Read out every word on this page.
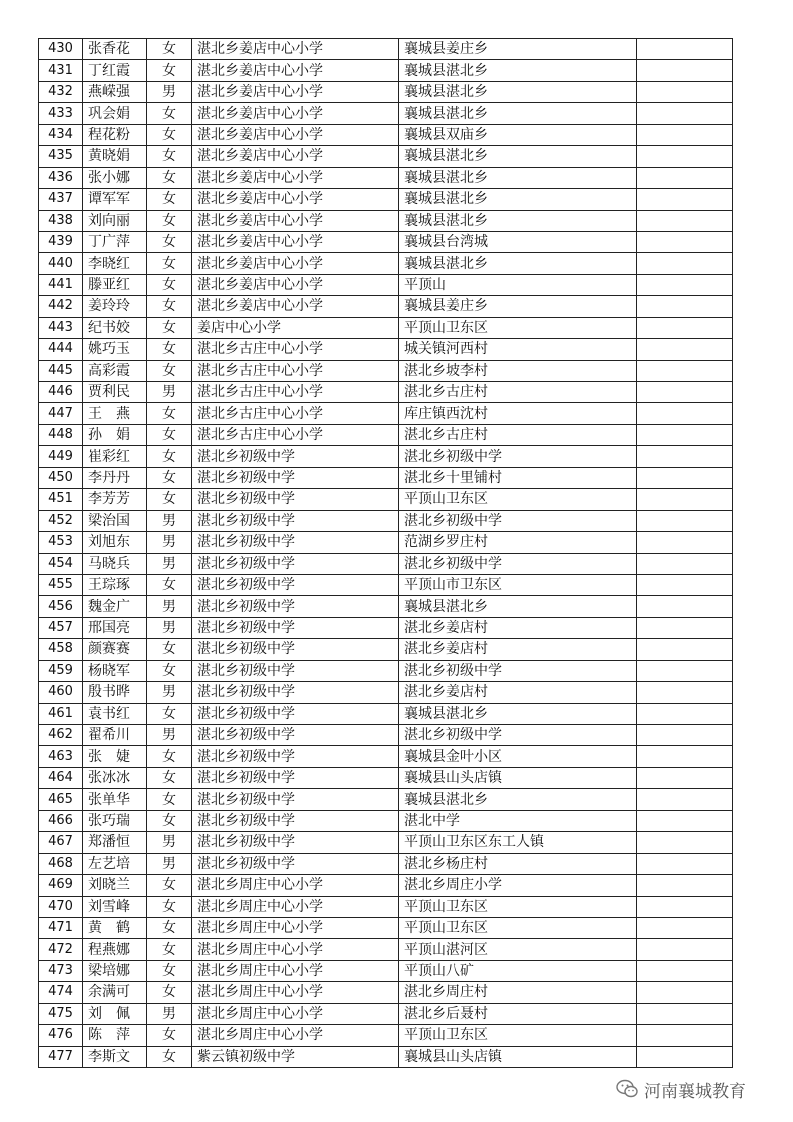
430	张香花	女	湛北乡姜店中心小学	襄城县姜庄乡	
431	丁红霞	女	湛北乡姜店中心小学	襄城县湛北乡	
432	燕嵘强	男	湛北乡姜店中心小学	襄城县湛北乡	
433	巩会娟	女	湛北乡姜店中心小学	襄城县湛北乡	
434	程花粉	女	湛北乡姜店中心小学	襄城县双庙乡	
435	黄晓娟	女	湛北乡姜店中心小学	襄城县湛北乡	
436	张小娜	女	湛北乡姜店中心小学	襄城县湛北乡	
437	谭军军	女	湛北乡姜店中心小学	襄城县湛北乡	
438	刘向丽	女	湛北乡姜店中心小学	襄城县湛北乡	
439	丁广萍	女	湛北乡姜店中心小学	襄城县台湾城	
440	李晓红	女	湛北乡姜店中心小学	襄城县湛北乡	
441	滕亚红	女	湛北乡姜店中心小学	平顶山	
442	姜玲玲	女	湛北乡姜店中心小学	襄城县姜庄乡	
443	纪书姣	女	姜店中心小学	平顶山卫东区	
444	姚巧玉	女	湛北乡古庄中心小学	城关镇河西村	
445	高彩霞	女	湛北乡古庄中心小学	湛北乡坡李村	
446	贾利民	男	湛北乡古庄中心小学	湛北乡古庄村	
447	王　燕	女	湛北乡古庄中心小学	库庄镇西沈村	
448	孙　娟	女	湛北乡古庄中心小学	湛北乡古庄村	
449	崔彩红	女	湛北乡初级中学	湛北乡初级中学	
450	李丹丹	女	湛北乡初级中学	湛北乡十里铺村	
451	李芳芳	女	湛北乡初级中学	平顶山卫东区	
452	梁治国	男	湛北乡初级中学	湛北乡初级中学	
453	刘旭东	男	湛北乡初级中学	范湖乡罗庄村	
454	马晓兵	男	湛北乡初级中学	湛北乡初级中学	
455	王琮琢	女	湛北乡初级中学	平顶山市卫东区	
456	魏金广	男	湛北乡初级中学	襄城县湛北乡	
457	邢国亮	男	湛北乡初级中学	湛北乡姜店村	
458	颜赛赛	女	湛北乡初级中学	湛北乡姜店村	
459	杨晓军	女	湛北乡初级中学	湛北乡初级中学	
460	殷书晔	男	湛北乡初级中学	湛北乡姜店村	
461	袁书红	女	湛北乡初级中学	襄城县湛北乡	
462	翟希川	男	湛北乡初级中学	湛北乡初级中学	
463	张　婕	女	湛北乡初级中学	襄城县金叶小区	
464	张冰冰	女	湛北乡初级中学	襄城县山头店镇	
465	张单华	女	湛北乡初级中学	襄城县湛北乡	
466	张巧瑞	女	湛北乡初级中学	湛北中学	
467	郑潘恒	男	湛北乡初级中学	平顶山卫东区东工人镇	
468	左艺培	男	湛北乡初级中学	湛北乡杨庄村	
469	刘晓兰	女	湛北乡周庄中心小学	湛北乡周庄小学	
470	刘雪峰	女	湛北乡周庄中心小学	平顶山卫东区	
471	黄　鹤	女	湛北乡周庄中心小学	平顶山卫东区	
472	程燕娜	女	湛北乡周庄中心小学	平顶山湛河区	
473	梁培娜	女	湛北乡周庄中心小学	平顶山八矿	
474	余满可	女	湛北乡周庄中心小学	湛北乡周庄村	
475	刘　佩	男	湛北乡周庄中心小学	湛北乡后聂村	
476	陈　萍	女	湛北乡周庄中心小学	平顶山卫东区	
477	李斯文	女	紫云镇初级中学	襄城县山头店镇	
河南襄城教育
